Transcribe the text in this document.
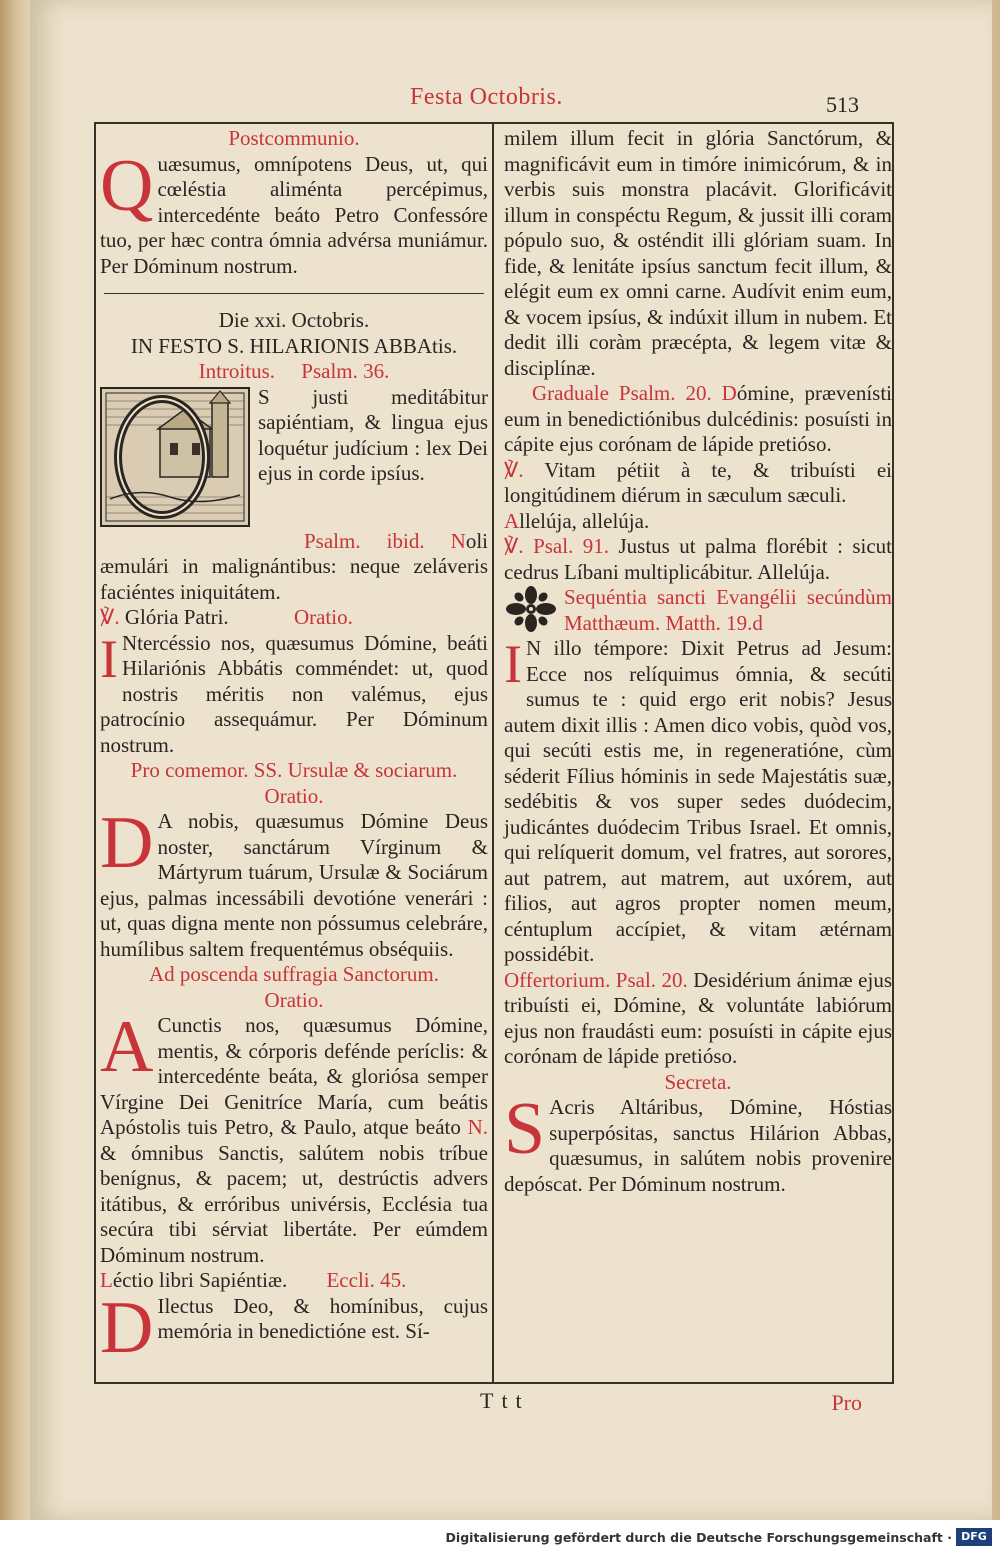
Festa Octobris.	513
Postcommunio.

Quæsumus, omnípotens Deus, ut, qui cœléstia aliménta percépimus, intercedénte beáto Petro Confessóre tuo, per hæc contra ómnia advérsa muniámur. Per Dóminum nostrum.

Die xxi. Octobris.
IN FESTO S. HILARIONIS ABBAtis.
Introitus. Psalm. 36.

S justi meditábitur sapiéntiam, & lingua ejus loquétur judícium : lex Dei ejus in corde ipsíus.

Psalm. ibid. Noli æmulári in malignántibus: neque zeláveris faciéntes iniquitátem.

℣. Glória Patri.	Oratio.

I Ntercéssio nos, quæsumus Dómine, beáti Hilariónis Abbátis comméndet: ut, quod nostris méritis non valémus, ejus patrocínio assequámur. Per Dóminum nostrum.

Pro comemor. SS. Ursulæ & sociarum.
Oratio.

D A nobis, quæsumus Dómine Deus noster, sanctárum Vírginum & Mártyrum tuárum, Ursulæ & Sociárum ejus, palmas incessábili devotióne venerári : ut, quas digna mente non póssumus celebráre, humílibus saltem frequentémus obséquiis.

Ad poscenda suffragia Sanctorum.
Oratio.

A Cunctis nos, quæsumus Dómine, mentis, & córporis defénde períclis: & intercedénte beáta, & gloriósa semper Vírgine Dei Genitríce María, cum beátis Apóstolis tuis Petro, & Paulo, atque beáto N. & ómnibus Sanctis, salútem nobis tríbue benígnus, & pacem; ut, destrúctis advers itátibus, & erróribus univérsis, Ecclésia tua secúra tibi sérviat libertáte. Per eúmdem Dóminum nostrum.

Léctio libri Sapiéntiæ. Eccli. 45.

D Ilectus Deo, & homínibus, cujus memória in benedictióne est. Sí-

milem illum fecit in glória Sanctórum, & magnificávit eum in timóre inimicórum, & in verbis suis monstra placávit. Glorificávit illum in conspéctu Regum, & jussit illi coram pópulo suo, & osténdit illi glóriam suam. In fide, & lenitáte ipsíus sanctum fecit illum, & elégit eum ex omni carne. Audívit enim eum, & vocem ipsíus, & indúxit illum in nubem. Et dedit illi coràm præcépta, & legem vitæ & disciplínæ.

Graduale Psalm. 20. Dómine, prævenísti eum in benedictiónibus dulcédinis: posuísti in cápite ejus corónam de lápide pretióso.

℣. Vitam pétiit à te, & tribuísti ei longitúdinem diérum in sæculum sæculi.

Allelúja, allelúja.

℣. Psal. 91. Justus ut palma florébit : sicut cedrus Líbani multiplicábitur. Allelúja.

Sequéntia sancti Evangélii secúndùm Matthæum. Matth. 19.d

I N illo témpore: Dixit Petrus ad Jesum: Ecce nos relíquimus ómnia, & secúti sumus te : quid ergo erit nobis? Jesus autem dixit illis : Amen dico vobis, quòd vos, qui secúti estis me, in regeneratióne, cùm séderit Fílius hóminis in sede Majestátis suæ, sedébitis & vos super sedes duódecim, judicántes duódecim Tribus Israel. Et omnis, qui relíquerit domum, vel fratres, aut sorores, aut patrem, aut matrem, aut uxórem, aut filios, aut agros propter nomen meum, céntuplum accípiet, & vitam ætérnam possidébit.

Offertorium. Psal. 20. Desidérium ánimæ ejus tribuísti ei, Dómine, & voluntáte labiórum ejus non fraudásti eum: posuísti in cápite ejus corónam de lápide pretióso.

Secreta.

S Acris Altáribus, Dómine, Hóstias superpósitas, sanctus Hilárion Abbas, quæsumus, in salútem nobis provenire depóscat. Per Dóminum nostrum.

Ttt	Pro
Digitalisierung gefördert durch die Deutsche Forschungsgemeinschaft · DFG
